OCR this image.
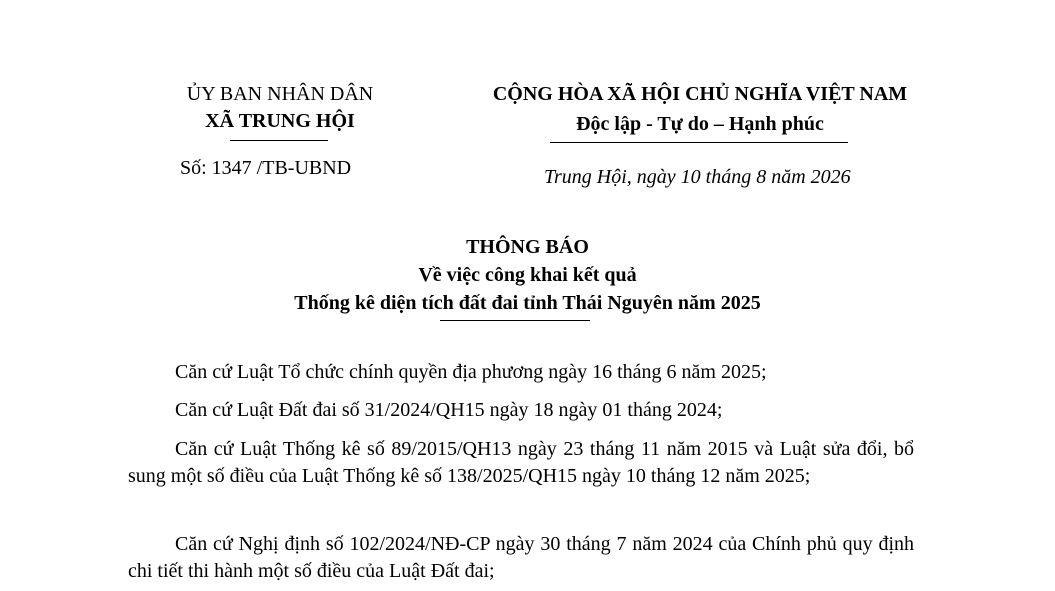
ỦY BAN NHÂN DÂN
XÃ TRUNG HỘI
Số: 1347 /TB-UBND
CỘNG HÒA XÃ HỘI CHỦ NGHĨA VIỆT NAM
Độc lập - Tự do – Hạnh phúc
Trung Hội, ngày 10 tháng 8 năm 2026
THÔNG BÁO
Về việc công khai kết quả
Thống kê diện tích đất đai tỉnh Thái Nguyên năm 2025
Căn cứ Luật Tổ chức chính quyền địa phương ngày 16 tháng 6 năm 2025;
Căn cứ Luật Đất đai số 31/2024/QH15 ngày 18 ngày 01 tháng 2024;
Căn cứ Luật Thống kê số 89/2015/QH13 ngày 23 tháng 11 năm 2015 và Luật sửa đổi, bổ sung một số điều của Luật Thống kê số 138/2025/QH15 ngày 10 tháng 12 năm 2025;
Căn cứ Nghị định số 102/2024/NĐ-CP ngày 30 tháng 7 năm 2024 của Chính phủ quy định chi tiết thi hành một số điều của Luật Đất đai;
